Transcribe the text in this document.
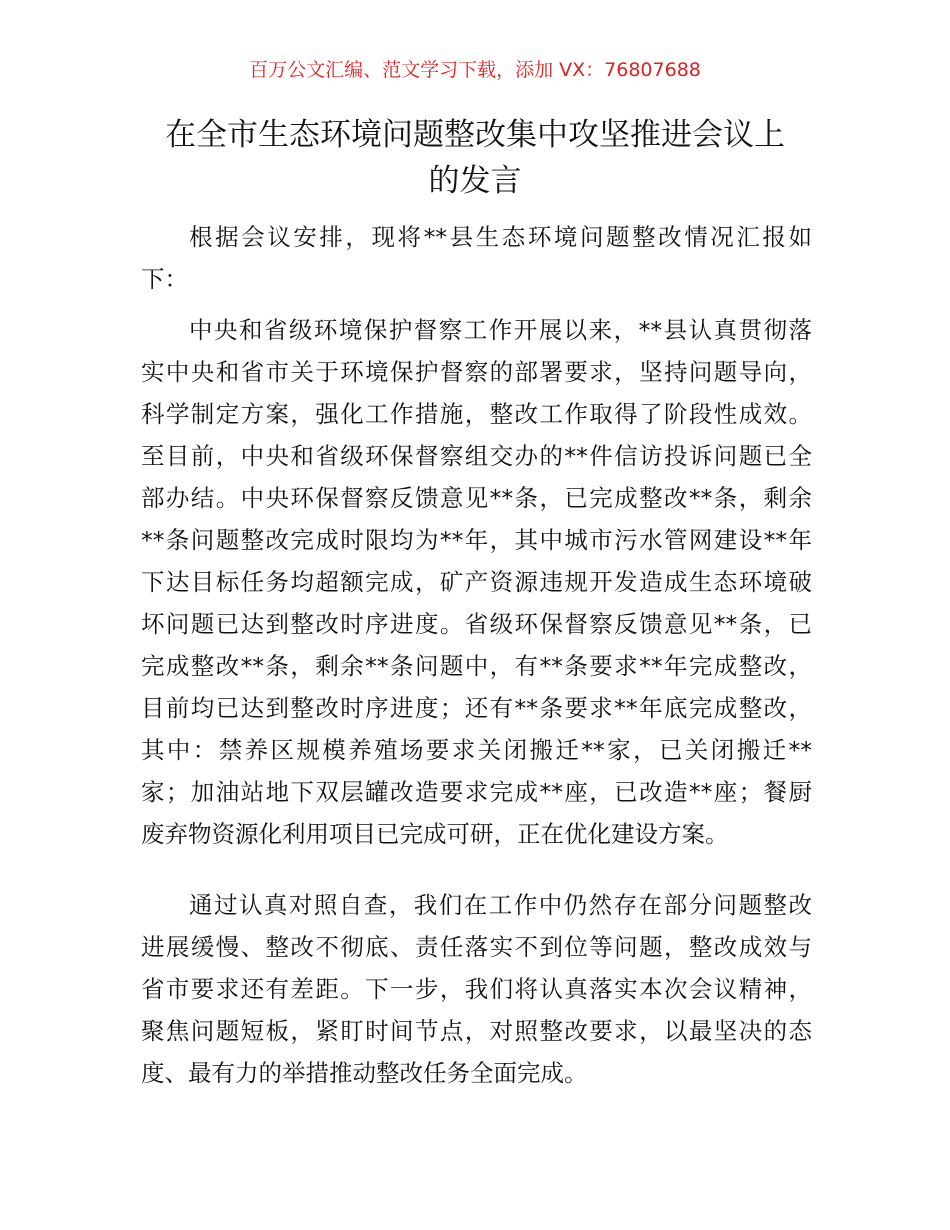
百万公文汇编、范文学习下载，添加 VX：76807688
在全市生态环境问题整改集中攻坚推进会议上
的发言
根据会议安排，现将**县生态环境问题整改情况汇报如
下：
中央和省级环境保护督察工作开展以来，**县认真贯彻落
实中央和省市关于环境保护督察的部署要求，坚持问题导向，
科学制定方案，强化工作措施，整改工作取得了阶段性成效。
至目前，中央和省级环保督察组交办的**件信访投诉问题已全
部办结。中央环保督察反馈意见**条，已完成整改**条，剩余
**条问题整改完成时限均为**年，其中城市污水管网建设**年
下达目标任务均超额完成，矿产资源违规开发造成生态环境破
坏问题已达到整改时序进度。省级环保督察反馈意见**条，已
完成整改**条，剩余**条问题中，有**条要求**年完成整改，
目前均已达到整改时序进度；还有**条要求**年底完成整改，
其中：禁养区规模养殖场要求关闭搬迁**家，已关闭搬迁**
家；加油站地下双层罐改造要求完成**座，已改造**座；餐厨
废弃物资源化利用项目已完成可研，正在优化建设方案。
通过认真对照自查，我们在工作中仍然存在部分问题整改
进展缓慢、整改不彻底、责任落实不到位等问题，整改成效与
省市要求还有差距。下一步，我们将认真落实本次会议精神，
聚焦问题短板，紧盯时间节点，对照整改要求，以最坚决的态
度、最有力的举措推动整改任务全面完成。
